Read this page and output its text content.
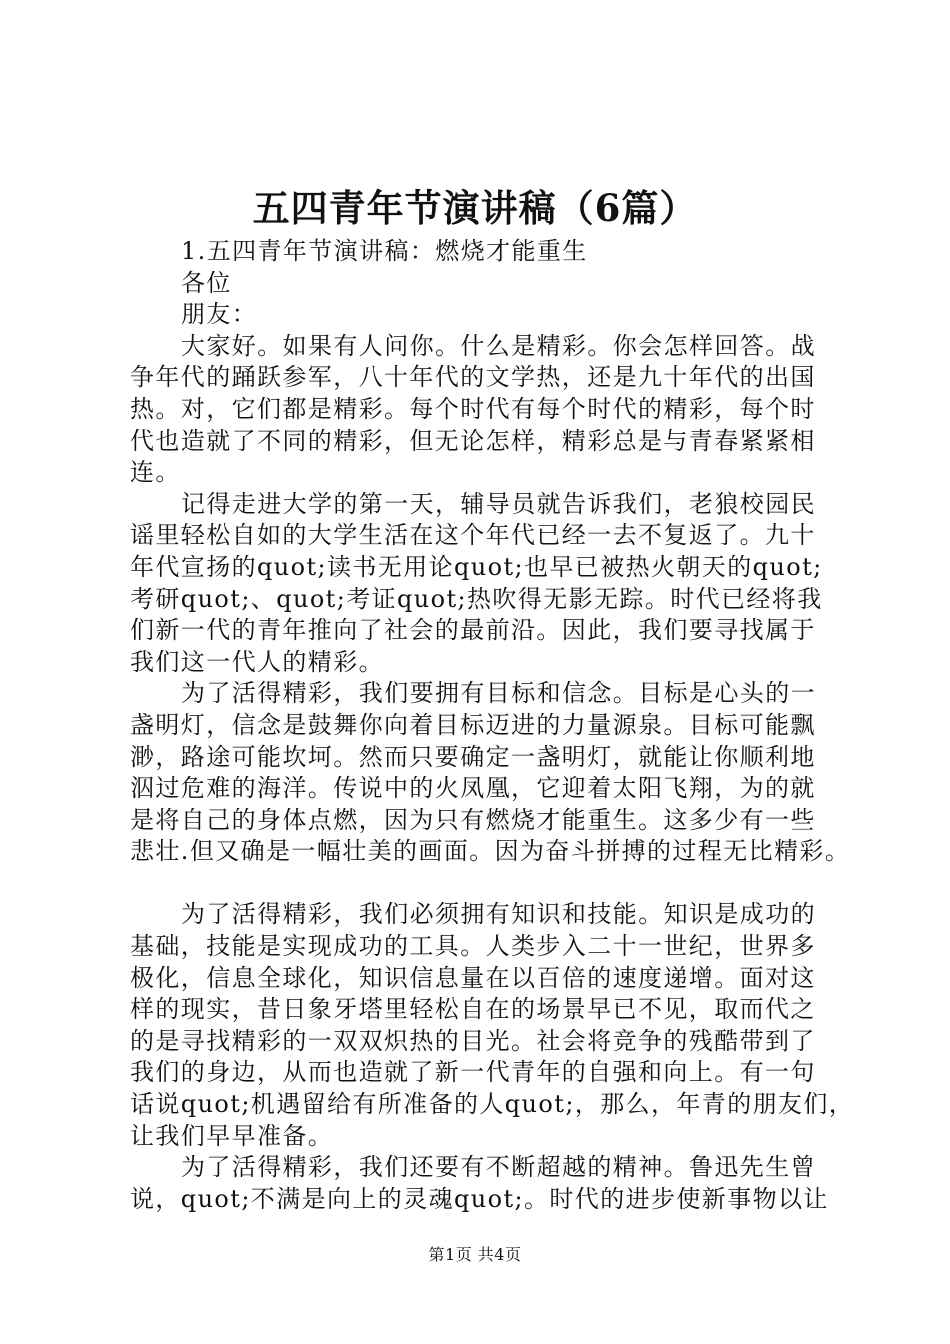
五四青年节演讲稿（6篇）
1.五四青年节演讲稿：燃烧才能重生
各位
朋友：
大家好。如果有人问你。什么是精彩。你会怎样回答。战
争年代的踊跃参军，八十年代的文学热，还是九十年代的出国
热。对，它们都是精彩。每个时代有每个时代的精彩，每个时
代也造就了不同的精彩，但无论怎样，精彩总是与青春紧紧相
连。
记得走进大学的第一天，辅导员就告诉我们，老狼校园民
谣里轻松自如的大学生活在这个年代已经一去不复返了。九十
年代宣扬的quot;读书无用论quot;也早已被热火朝天的quot;
考研quot;、quot;考证quot;热吹得无影无踪。时代已经将我
们新一代的青年推向了社会的最前沿。因此，我们要寻找属于
我们这一代人的精彩。
为了活得精彩，我们要拥有目标和信念。目标是心头的一
盏明灯，信念是鼓舞你向着目标迈进的力量源泉。目标可能飘
渺，路途可能坎坷。然而只要确定一盏明灯，就能让你顺利地
泅过危难的海洋。传说中的火凤凰，它迎着太阳飞翔，为的就
是将自己的身体点燃，因为只有燃烧才能重生。这多少有一些
悲壮.但又确是一幅壮美的画面。因为奋斗拼搏的过程无比精彩。
为了活得精彩，我们必须拥有知识和技能。知识是成功的
基础，技能是实现成功的工具。人类步入二十一世纪，世界多
极化，信息全球化，知识信息量在以百倍的速度递增。面对这
样的现实，昔日象牙塔里轻松自在的场景早已不见，取而代之
的是寻找精彩的一双双炽热的目光。社会将竞争的残酷带到了
我们的身边，从而也造就了新一代青年的自强和向上。有一句
话说quot;机遇留给有所准备的人quot;，那么，年青的朋友们，
让我们早早准备。
为了活得精彩，我们还要有不断超越的精神。鲁迅先生曾
说，quot;不满是向上的灵魂quot;。时代的进步使新事物以让
第1页 共4页
